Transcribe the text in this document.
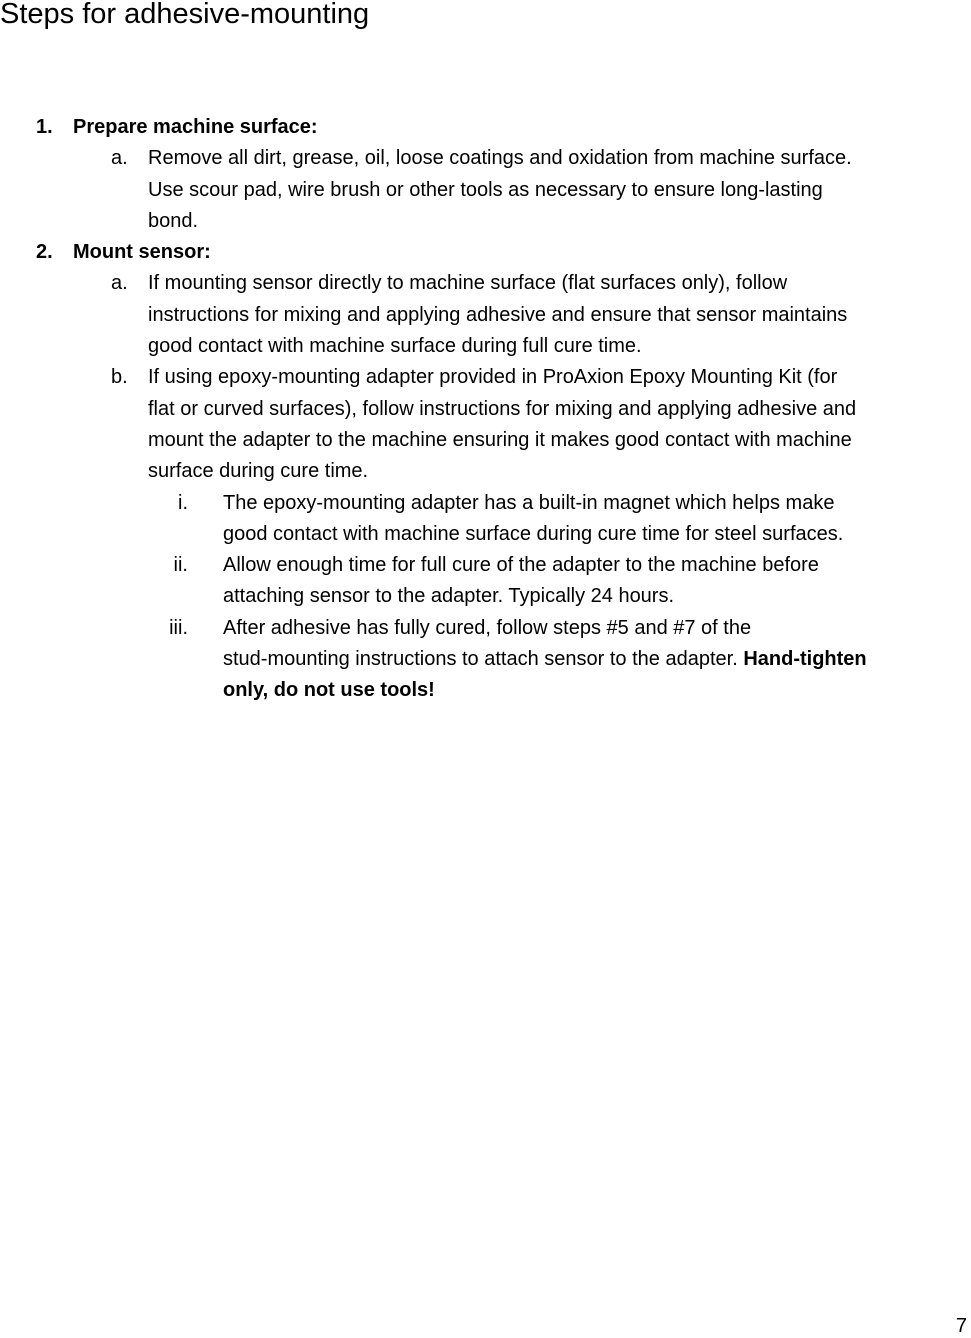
Steps for adhesive-mounting
1. Prepare machine surface:
a. Remove all dirt, grease, oil, loose coatings and oxidation from machine surface.
Use scour pad, wire brush or other tools as necessary to ensure long-lasting
bond.
2. Mount sensor:
a. If mounting sensor directly to machine surface (flat surfaces only), follow
instructions for mixing and applying adhesive and ensure that sensor maintains
good contact with machine surface during full cure time.
b. If using epoxy-mounting adapter provided in ProAxion Epoxy Mounting Kit (for
flat or curved surfaces), follow instructions for mixing and applying adhesive and
mount the adapter to the machine ensuring it makes good contact with machine
surface during cure time.
i. The epoxy-mounting adapter has a built-in magnet which helps make
good contact with machine surface during cure time for steel surfaces.
ii. Allow enough time for full cure of the adapter to the machine before
attaching sensor to the adapter. Typically 24 hours.
iii. After adhesive has fully cured, follow steps #5 and #7 of the
stud-mounting instructions to attach sensor to the adapter. Hand-tighten
only, do not use tools!
7
